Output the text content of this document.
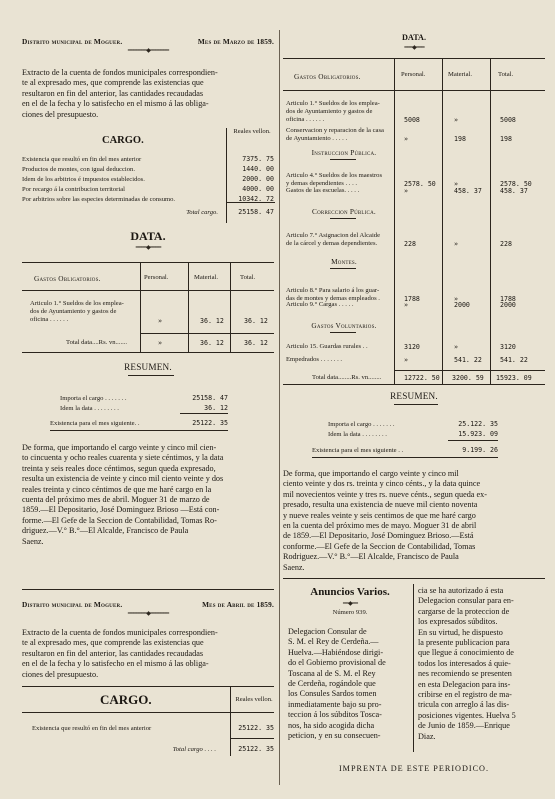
Distrito municipal de Moguer.	Mes de Marzo de 1859.
━━━━━━━◆━━━━━━━
Extracto de la cuenta de fondos municipales correspondien-
te al expresado mes, que comprende las existencias que
resultaron en fin del anterior, las cantidades recaudadas
en el de la fecha y lo satisfecho en el mismo á las obliga-
ciones del presupuesto.
CARGO.
Reales vellon.
Existencia que resultó en fin del mes anterior	7375. 75
Productos de montes, con igual deduccion.	1440. 00
Idem de los arbitrios é impuestos establecidos.	2000. 00
Por recargo á la contribucion territorial	4000. 00
Por arbitrios sobre las especies determinadas de consumo.	10342. 72
Total cargo.	25158. 47
DATA.
━━━━◆━━━━
Gastos Obligatorios.	Personal.	Material.	Total.
Articulo 1.° Sueldos de los emplea-
dos de Ayuntamiento y gastos de
oficina . . . . . .	»	36. 12	36. 12
Total data....Rs. vn.......	»	36. 12	36. 12
RESUMEN.
Importa el cargo . . . . . . .	25158. 47
Idem la data . . . . . . . .	36. 12
Existencia para el mes siguiente. .	25122. 35
De forma, que importando el cargo veinte y cinco mil cien-
to cincuenta y ocho reales cuarenta y siete céntimos, y la data
treinta y seis reales doce céntimos, segun queda expresado,
resulta un existencia de veinte y cinco mil ciento veinte y dos
reales treinta y cinco céntimos de que me haré cargo en la
cuenta del próximo mes de abril. Moguer 31 de marzo de
1859.—El Depositario, José Dominguez Brioso —Está con-
forme.—El Gefe de la Seccion de Contabilidad, Tomas Ro-
driguez.—V.° B.°—El Alcalde, Francisco de Paula
Saenz.
Distrito municipal de Moguer.	Mes de Abril de 1859.
━━━━━━━◆━━━━━━━
Extracto de la cuenta de fondos municipales correspondien-
te al expresado mes, que comprende las existencias que
resultaron en fin del anterior, las cantidades recaudadas
en el de la fecha y lo satisfecho en el mismo á las obliga-
ciones del presupuesto.
CARGO.	Reales vellon.
Existencia que resultó en fin del mes anterior	25122. 35
Total cargo . . . .	25122. 35
DATA.
━━━◆━━━
Gastos Obligatorios.	Personal.	Material.	Total.
Articulo 1.° Sueldos de los emplea-
dos de Ayuntamiento y gastos de
oficina . . . . . .	5008	»	5008
Conservacion y reparacion de la casa
de Ayuntamiento . . . . .	»	198	198
Instruccion Pública.
Articulo 4.° Sueldos de los maestros
y demas dependientes . . . .	2578. 50	»	2578. 50
Gastos de las escuelas. . . . .	»	458. 37	458. 37
Correccion Pública.
Articulo 7.° Asignacion del Alcaide
de la cárcel y demas dependientes.	228	»	228
Montes.
Articulo 8.° Para salario á los guar-
das de montes y demas empleados .	1788	»	1788
Articulo 9.° Cargas . . . . .	»	2000	2000
Gastos Voluntarios.
Articulo 15. Guardas rurales . .	3120	»	3120
Empedrados . . . . . . .	»	541. 22	541. 22
Total data........Rs. vn........	12722. 50 3200. 59 15923. 09
RESUMEN.
Importa el cargo . . . . . . .	25.122. 35
Idem la data . . . . . . . .	15.923. 09
Existencia para el mes siguiente . .	9.199. 26
De forma, que importando el cargo veinte y cinco mil
ciento veinte y dos rs. treinta y cinco cénts., y la data quince
mil novecientos veinte y tres rs. nueve cénts., segun queda ex-
presado, resulta una existencia de nueve mil ciento noventa
y nueve reales veinte y seis centimos de que me haré cargo
en la cuenta del próximo mes de mayo. Moguer 31 de abril
de 1859.—El Depositario, José Dominguez Brioso.—Está
conforme.—El Gefe de la Seccion de Contabilidad, Tomas
Rodriguez.—V.° B.°—El Alcalde, Francisco de Paula
Saenz.
Anuncios Varios.
━━◆━━
Número 939.
Delegacion Consular de
S. M. el Rey de Cerdeña.—
Huelva.—Habiéndose dirigi-
do el Gobierno provisional de
Toscana al de S. M. el Rey
de Cerdeña, rogándole que
los Consules Sardos tomen
inmediatamente bajo su pro-
teccion á los súbditos Tosca-
nos, ha sido acogida dicha
peticion, y en su consecuen-
cia se ha autorizado á esta
Delegacion consular para en-
cargarse de la proteccion de
los expresados súbditos.
En su virtud, he dispuesto
la presente publicacion para
que llegue á conocimiento de
todos los interesados á quie-
nes recomiendo se presenten
en esta Delegacion para ins-
cribirse en el registro de ma-
tricula con arreglo á las dis-
posiciones vigentes. Huelva 5
de Junio de 1859.—Enrique
Diaz.
IMPRENTA DE ESTE PERIODICO.
